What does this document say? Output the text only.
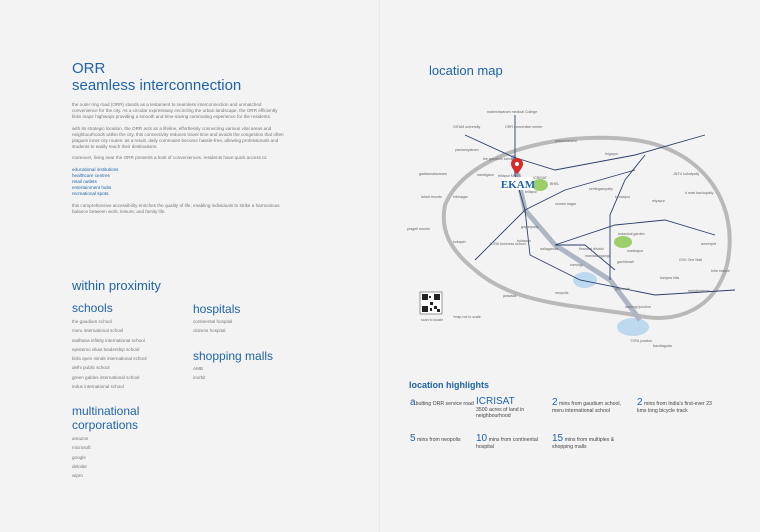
ORR
seamless interconnection

the outer ring road (ORR) stands as a testament to seamless interconnection and unmatched convenience for the city. As a circular expressway encircling the urban landscape, the ORR efficiently links major highways providing a smooth and time-saving commuting experience for the residents.

with its strategic location, the ORR acts as a lifeline, effortlessly connecting various vital areas and neighbourhoods within the city. this connectivity reduces travel time and avoids the congestion that often plagues inner-city routes. as a result, daily commutes become hassle-free, allowing professionals and students to easily reach their destinations.

moreover, living near the ORR presents a host of conveniences. residents have quick access to:

educational institutions
healthcare centres
retail outlets
entertainment hubs
recreational spots.

this comprehensive accessibility enriches the quality of life, enabling individuals to strike a harmonious balance between work, leisure, and family life.

within proximity
schools
the gaudium school
meru international school
sadhana infinity international school
epistemo vikas leadership school
birla open minds international school
delhi public school
green gables international school
indus international school
hospitals
continental hospital
citizens hospital
shopping malls
AMB
inorbit
multinational
corporations
amazon
microsoft
google
deloitte
wipro
location map
EKAM
maheshwaram medical College
GITAM university	ORR convention center
patancheruvu
pashamylaram
gaddamalavaram
the gaudium school
tellapur MMTS	ICRISAT
BHEL
tellapur
osman nagar
thigapur
nandigaon
lahari resorts
serilingampally
JNTU kukatpally
d mart bachupally
kondapur
miyapur
botanical garden
madhapur
ameerpet
GVK One Mall
prageti resorts
bibinagar
kokapet
gopanpally
ICFAI business school
bollaram
nallagandla	financial district
narsingi
mandalanganga
gachibowli
banjara hills
mehdipatnam
birla mandir
golconda
janwada
neopolis
narsingi junction
TSPA junction
bandlaguda
scan to locate
*map not to scale
location highlights
abutting ORR service road ICRISAT
3500 acres of land in neighbourhood
2 mins from gaudium school, meru international school
2 mins from India's first-ever 23 kms long bicycle track
5 mins from neopolis	10 mins from continental hospital
15 mins from multiplex & shopping malls
